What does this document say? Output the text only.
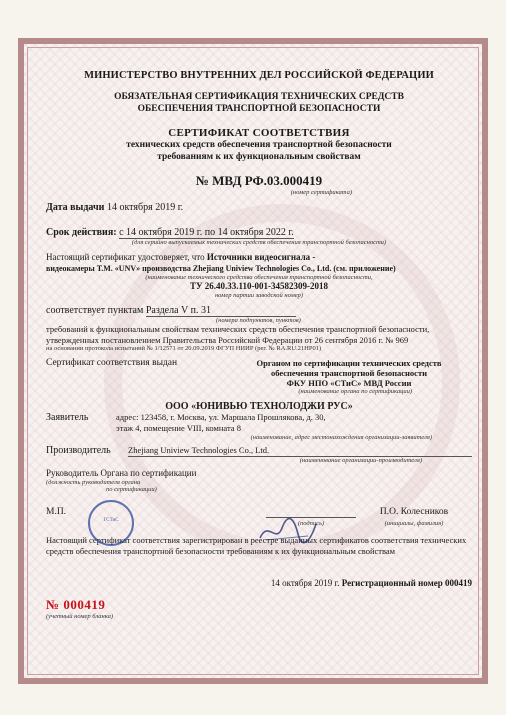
МИНИСТЕРСТВО ВНУТРЕННИХ ДЕЛ РОССИЙСКОЙ ФЕДЕРАЦИИ
ОБЯЗАТЕЛЬНАЯ СЕРТИФИКАЦИЯ ТЕХНИЧЕСКИХ СРЕДСТВ
ОБЕСПЕЧЕНИЯ ТРАНСПОРТНОЙ БЕЗОПАСНОСТИ
СЕРТИФИКАТ СООТВЕТСТВИЯ
технических средств обеспечения транспортной безопасности
требованиям к их функциональным свойствам
№ МВД РФ.03.000419
(номер сертификата)
Дата выдачи 14 октября 2019 г.
Срок действия: с 14 октября 2019 г. по 14 октября 2022 г.
(для серийно выпускаемых технических средств обеспечения транспортной безопасности)
Настоящий сертификат удостоверяет, что Источники видеосигнала -
видеокамеры Т.М. «UNV» производства Zhejiang Uniview Technologies Co., Ltd. (см. приложение)
(наименование технического средства обеспечения транспортной безопасности,
ТУ 26.40.33.110-001-34582309-2018
номер партии заводской номер)
соответствует пунктам Раздела V п. 31
(номера подпунктов, пунктов)
требований к функциональным свойствам технических средств обеспечения транспортной безопасности, утвержденных постановлением Правительства Российской Федерации от 26 сентября 2016 г. № 969
на основании протокола испытаний № 1/12571 от 20.09.2019 ФГУП НИИР (рег. № RA.RU.21НР01)
Сертификат соответствия выдан	Органом по сертификации технических средств
обеспечения транспортной безопасности
ФКУ НПО «СТиС» МВД России
(наименование органа по сертификации)
ООО «ЮНИВЬЮ ТЕХНОЛОДЖИ РУС»
Заявитель	адрес: 123458, г. Москва, ул. Маршала Прошлякова, д. 30,
этаж 4, помещение VIII, комната 8
(наименование, адрес местонахождения организации-заявителя)
Производитель	Zhejiang Uniview Technologies Co., Ltd.
(наименование организации-производителя)
Руководитель Органа по сертификации
(должность руководителя органа
по сертификации)
М.П.	П.О. Колесников
(подпись)	(инициалы, фамилия)
Настоящий сертификат соответствия зарегистрирован в реестре выданных сертификатов соответствия технических средств обеспечения транспортной безопасности требованиям к их функциональным свойствам
14 октября 2019 г. Регистрационный номер 000419
№ 000419
(учетный номер бланка)
ГСТиС
